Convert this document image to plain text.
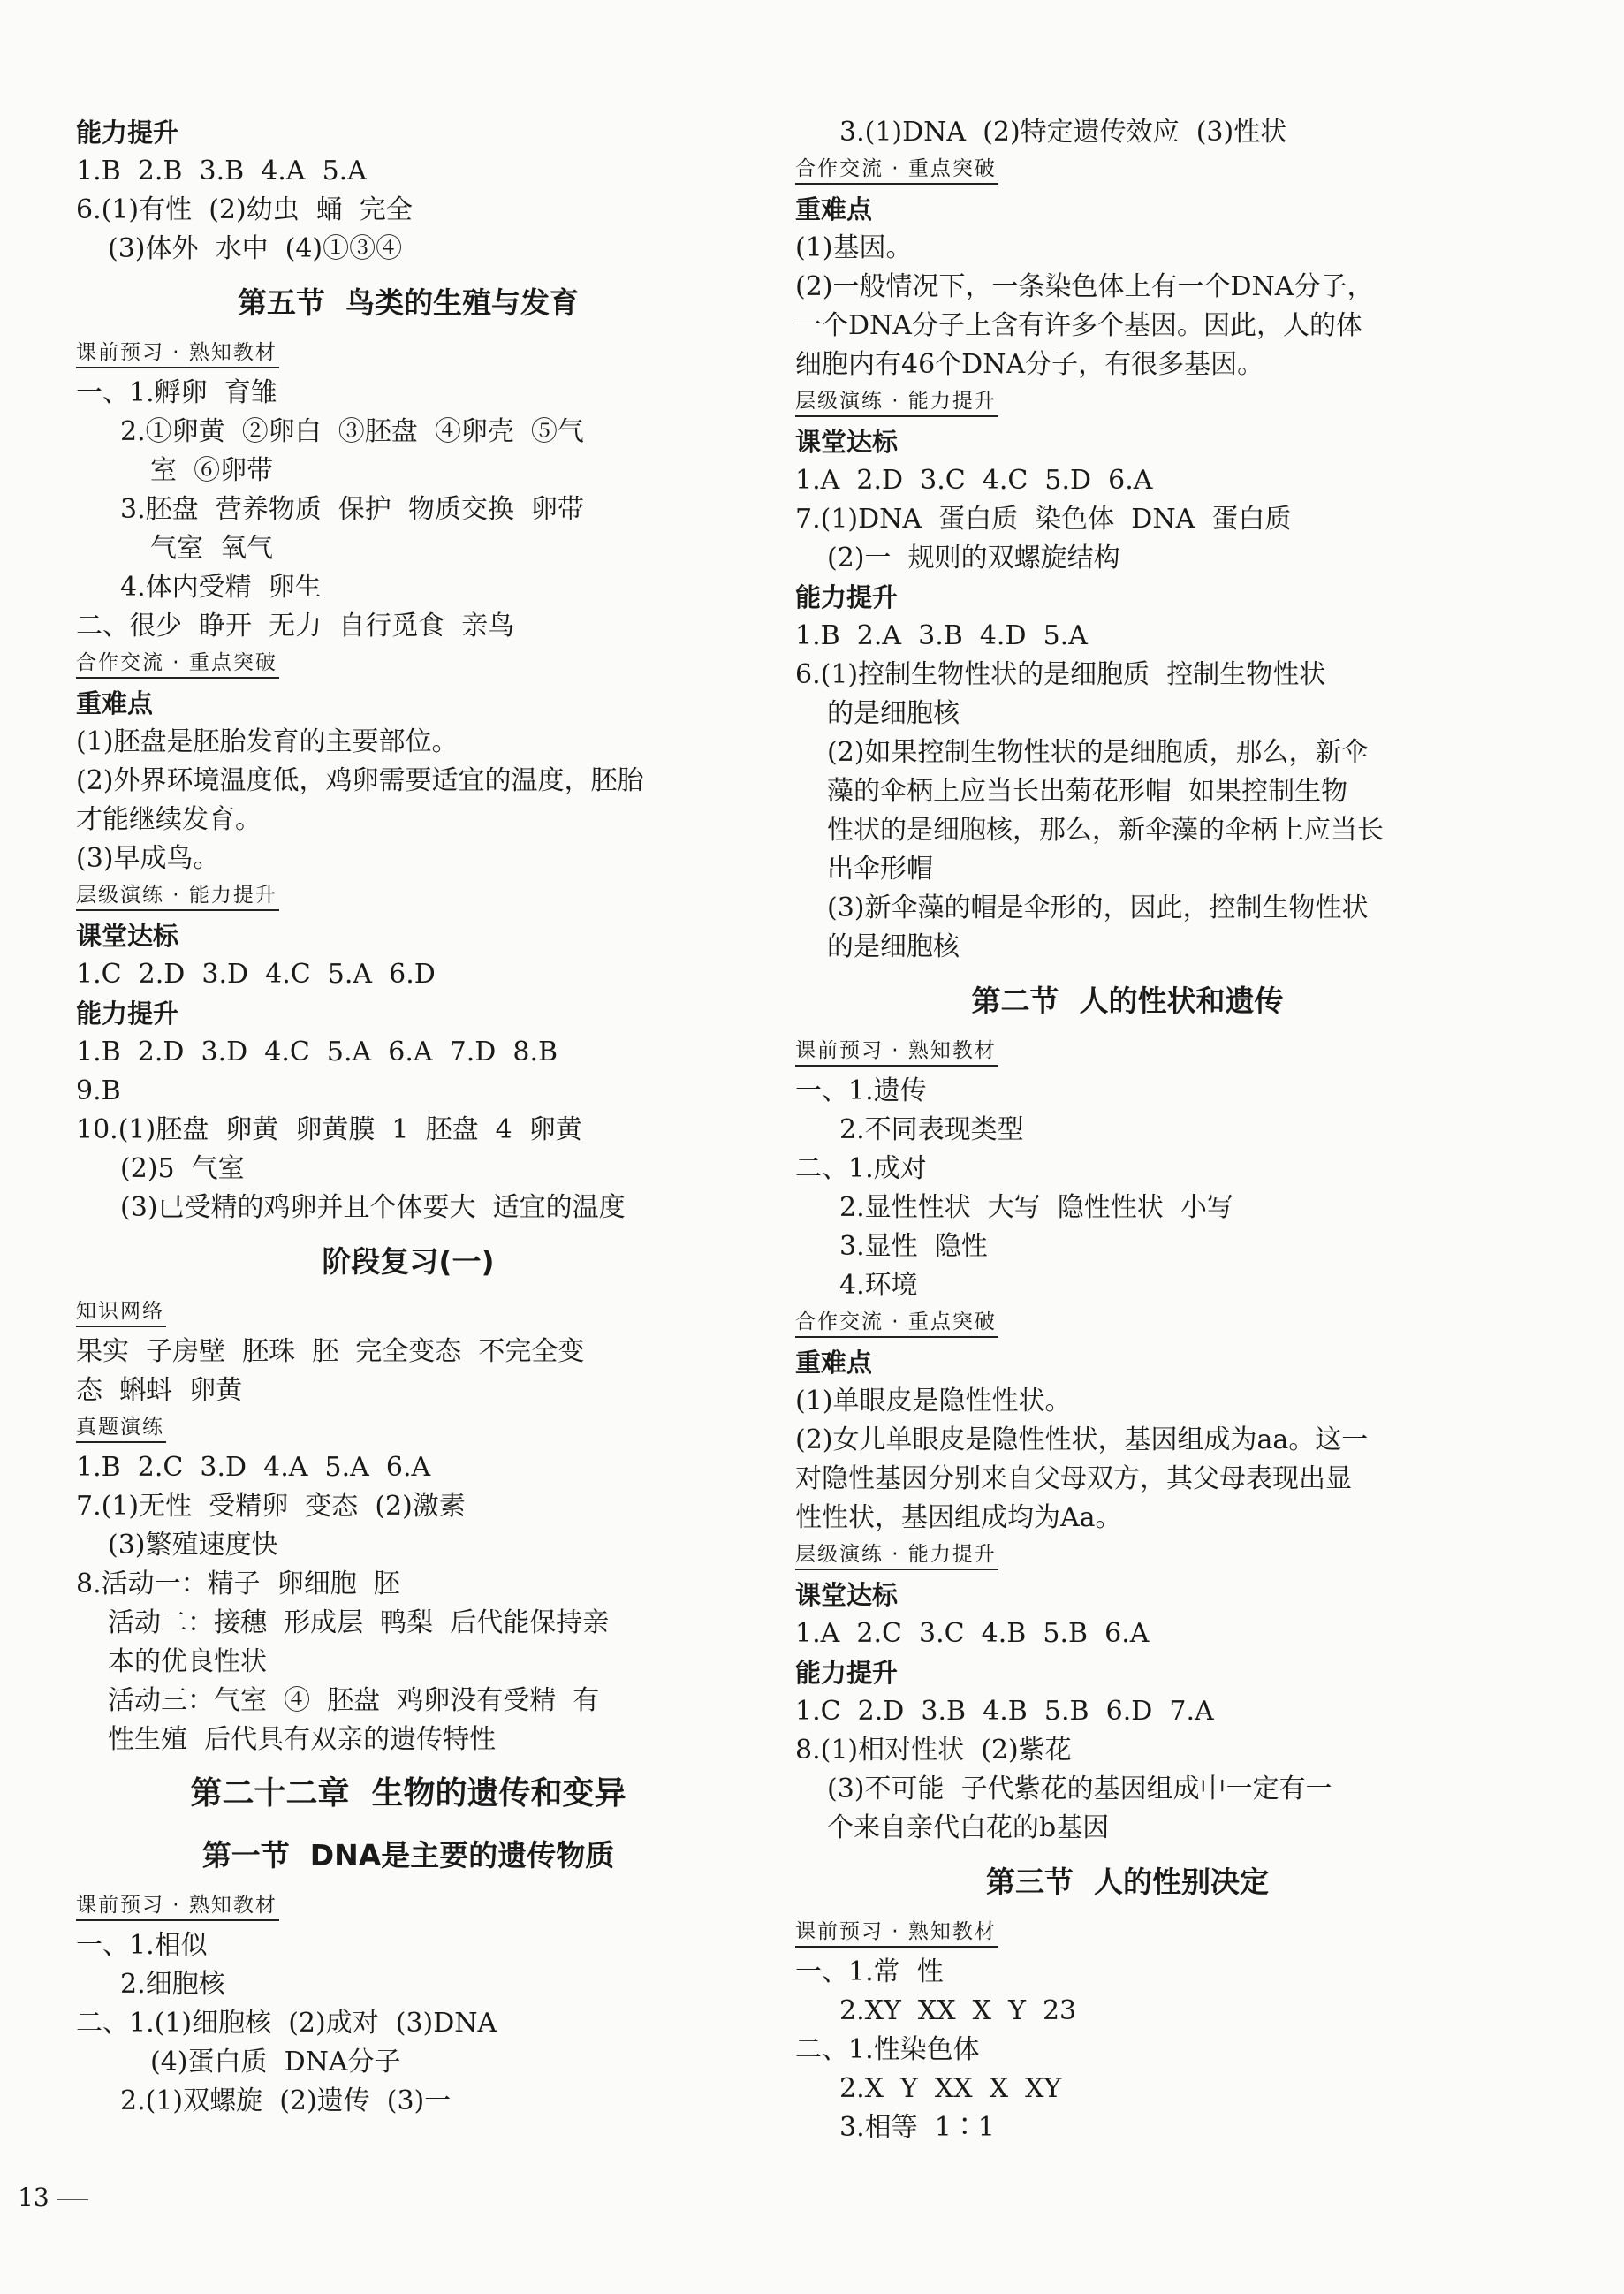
能力提升
1.B  2.B  3.B  4.A  5.A
6.(1)有性  (2)幼虫  蛹  完全
(3)体外  水中  (4)①③④
第五节  鸟类的生殖与发育
课前预习 · 熟知教材
一、1.孵卵  育雏
2.①卵黄  ②卵白  ③胚盘  ④卵壳  ⑤气
室  ⑥卵带
3.胚盘  营养物质  保护  物质交换  卵带
气室  氧气
4.体内受精  卵生
二、很少  睁开  无力  自行觅食  亲鸟
合作交流 · 重点突破
重难点
(1)胚盘是胚胎发育的主要部位。
(2)外界环境温度低，鸡卵需要适宜的温度，胚胎
才能继续发育。
(3)早成鸟。
层级演练 · 能力提升
课堂达标
1.C  2.D  3.D  4.C  5.A  6.D
能力提升
1.B  2.D  3.D  4.C  5.A  6.A  7.D  8.B
9.B
10.(1)胚盘  卵黄  卵黄膜  1  胚盘  4  卵黄
(2)5  气室
(3)已受精的鸡卵并且个体要大  适宜的温度
阶段复习(一)
知识网络
果实  子房壁  胚珠  胚  完全变态  不完全变
态  蝌蚪  卵黄
真题演练
1.B  2.C  3.D  4.A  5.A  6.A
7.(1)无性  受精卵  变态  (2)激素
(3)繁殖速度快
8.活动一：精子  卵细胞  胚
活动二：接穗  形成层  鸭梨  后代能保持亲
本的优良性状
活动三：气室  ④  胚盘  鸡卵没有受精  有
性生殖  后代具有双亲的遗传特性
第二十二章  生物的遗传和变异
第一节  DNA是主要的遗传物质
课前预习 · 熟知教材
一、1.相似
2.细胞核
二、1.(1)细胞核  (2)成对  (3)DNA
(4)蛋白质  DNA分子
2.(1)双螺旋  (2)遗传  (3)一
3.(1)DNA  (2)特定遗传效应  (3)性状
合作交流 · 重点突破
重难点
(1)基因。
(2)一般情况下，一条染色体上有一个DNA分子，
一个DNA分子上含有许多个基因。因此，人的体
细胞内有46个DNA分子，有很多基因。
层级演练 · 能力提升
课堂达标
1.A  2.D  3.C  4.C  5.D  6.A
7.(1)DNA  蛋白质  染色体  DNA  蛋白质
(2)一  规则的双螺旋结构
能力提升
1.B  2.A  3.B  4.D  5.A
6.(1)控制生物性状的是细胞质  控制生物性状
的是细胞核
(2)如果控制生物性状的是细胞质，那么，新伞
藻的伞柄上应当长出菊花形帽  如果控制生物
性状的是细胞核，那么，新伞藻的伞柄上应当长
出伞形帽
(3)新伞藻的帽是伞形的，因此，控制生物性状
的是细胞核
第二节  人的性状和遗传
课前预习 · 熟知教材
一、1.遗传
2.不同表现类型
二、1.成对
2.显性性状  大写  隐性性状  小写
3.显性  隐性
4.环境
合作交流 · 重点突破
重难点
(1)单眼皮是隐性性状。
(2)女儿单眼皮是隐性性状，基因组成为aa。这一
对隐性基因分别来自父母双方，其父母表现出显
性性状，基因组成均为Aa。
层级演练 · 能力提升
课堂达标
1.A  2.C  3.C  4.B  5.B  6.A
能力提升
1.C  2.D  3.B  4.B  5.B  6.D  7.A
8.(1)相对性状  (2)紫花
(3)不可能  子代紫花的基因组成中一定有一
个来自亲代白花的b基因
第三节  人的性别决定
课前预习 · 熟知教材
一、1.常  性
2.XY  XX  X  Y  23
二、1.性染色体
2.X  Y  XX  X  XY
3.相等  1∶1
13
